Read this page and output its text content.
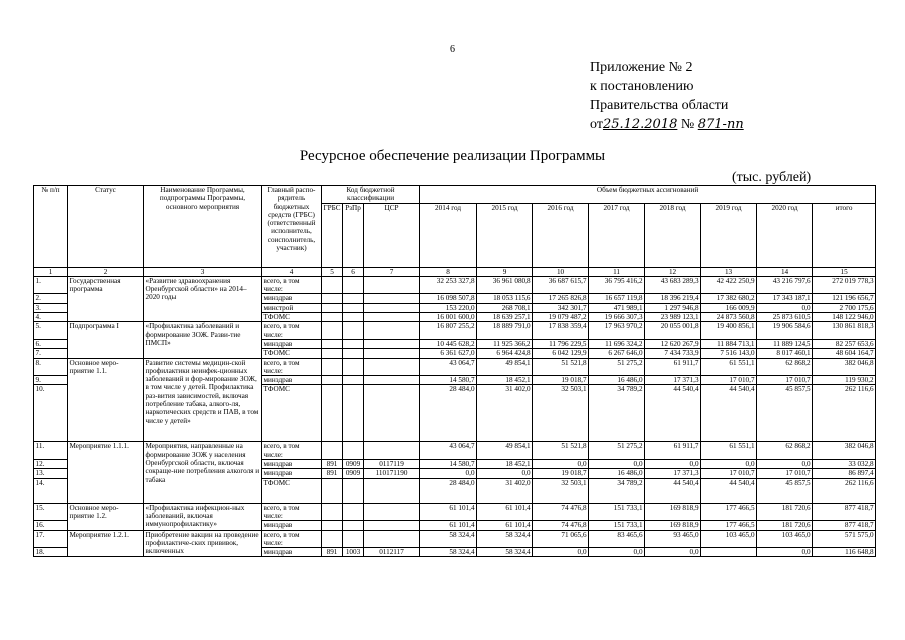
6
Приложение № 2
к постановлению
Правительства области
от25.12.2018 № 871-пп
Ресурсное обеспечение реализации Программы
(тыс. рублей)
№ п/п	Статус	Наименование Программы, подпрограммы Программы, основного мероприятия	Главный распо-рядитель бюджетных средств (ГРБС) (ответственный исполнитель, соисполнитель, участник)	Код бюджетной классификации			Объем бюджетных ассигнований							
				ГРБС	РзПр	ЦСР	2014 год	2015 год	2016 год	2017 год	2018 год	2019 год	2020 год	итого
1	2	3	4	5	6	7	8	9	10	11	12	13	14	15
1.	Государственная программа	«Развитие здравоохранения Оренбургской области» на 2014–2020 годы	всего, в том числе:				32 253 327,8	36 961 080,8	36 687 615,7	36 795 416,2	43 683 289,3	42 422 250,9	43 216 797,6	272 019 778,3
2.			минздрав				16 098 507,8	18 053 115,6	17 265 826,8	16 657 119,8	18 396 219,4	17 382 680,2	17 343 187,1	121 196 656,7
3.			минстрой				153 220,0	268 708,1	342 301,7	471 989,1	1 297 946,8	166 009,9	0,0	2 700 175,6
4.			ТФОМС				16 001 600,0	18 639 257,1	19 079 487,2	19 666 307,3	23 989 123,1	24 873 560,8	25 873 610,5	148 122 946,0
5.	Подпрограмма I	«Профилактика заболеваний и формирование ЗОЖ. Разви-тие ПМСП»	всего, в том числе:				16 807 255,2	18 889 791,0	17 838 359,4	17 963 970,2	20 055 001,8	19 400 856,1	19 906 584,6	130 861 818,3
6.			минздрав				10 445 628,2	11 925 366,2	11 796 229,5	11 696 324,2	12 620 267,9	11 884 713,1	11 889 124,5	82 257 653,6
7.			ТФОМС				6 361 627,0	6 964 424,8	6 042 129,9	6 267 646,0	7 434 733,9	7 516 143,0	8 017 460,1	48 604 164,7
8.	Основное меро-приятие 1.1.	Развитие системы медицин-ской профилактики неинфек-ционных заболеваний и фор-мирование ЗОЖ, в том числе у детей. Профилактика раз-вития зависимостей, включая потребление табака, алкого-ля, наркотических средств и ПАВ, в том числе у детей»	всего, в том числе:				43 064,7	49 854,1	51 521,8	51 275,2	61 911,7	61 551,1	62 868,2	382 046,8
9.			минздрав				14 580,7	18 452,1	19 018,7	16 486,0	17 371,3	17 010,7	17 010,7	119 930,2
10.			ТФОМС				28 484,0	31 402,0	32 503,1	34 789,2	44 540,4	44 540,4	45 857,5	262 116,6
11.	Мероприятие 1.1.1.	Мероприятия, направленные на формирование ЗОЖ у населения Оренбургской области, включая сокраще-ние потребления алкоголя и табака	всего, в том числе:				43 064,7	49 854,1	51 521,8	51 275,2	61 911,7	61 551,1	62 868,2	382 046,8
12.			минздрав	891	0909	0117119	14 580,7	18 452,1	0,0	0,0	0,0	0,0	0,0	33 032,8
13.			минздрав	891	0909	110171190	0,0	0,0	19 018,7	16 486,0	17 371,3	17 010,7	17 010,7	86 897,4
14.			ТФОМС				28 484,0	31 402,0	32 503,1	34 789,2	44 540,4	44 540,4	45 857,5	262 116,6
15.	Основное меро-приятие 1.2.	«Профилактика инфекцион-ных заболеваний, включая иммунопрофилактику»	всего, в том числе:				61 101,4	61 101,4	74 476,8	151 733,1	169 818,9	177 466,5	181 720,6	877 418,7
16.			минздрав				61 101,4	61 101,4	74 476,8	151 733,1	169 818,9	177 466,5	181 720,6	877 418,7
17.	Мероприятие 1.2.1.	Приобретение вакцин на проведение профилактиче-ских прививок, включенных	всего, в том числе:				58 324,4	58 324,4	71 065,6	83 465,6	93 465,0	103 465,0	103 465,0	571 575,0
18.			минздрав	891	1003	0112117	58 324,4	58 324,4	0,0	0,0	0,0		0,0	116 648,8
